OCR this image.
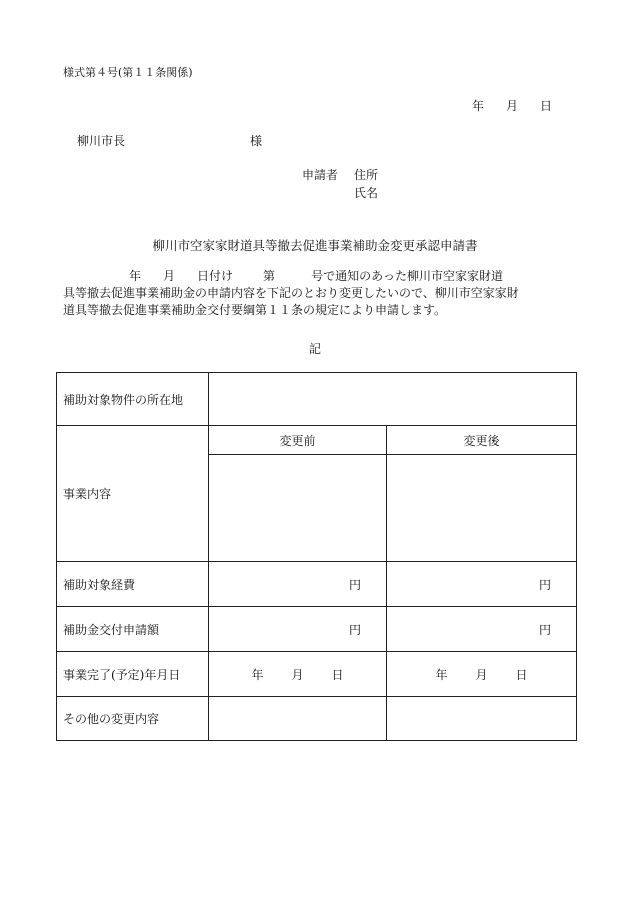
様式第４号(第１１条関係)
年 月 日
柳川市長	様
申請者 住所
氏名
柳川市空家家財道具等撤去促進事業補助金変更承認申請書
年 月 日付け	第	号で通知のあった柳川市空家家財道
具等撤去促進事業補助金の申請内容を下記のとおり変更したいので、柳川市空家家財
道具等撤去促進事業補助金交付要綱第１１条の規定により申請します。
記
補助対象物件の所在地		
事業内容	変更前	変更後

補助対象経費	円	円
補助金交付申請額	円	円
事業完了(予定)年月日	年 月 日	年 月 日
その他の変更内容		
